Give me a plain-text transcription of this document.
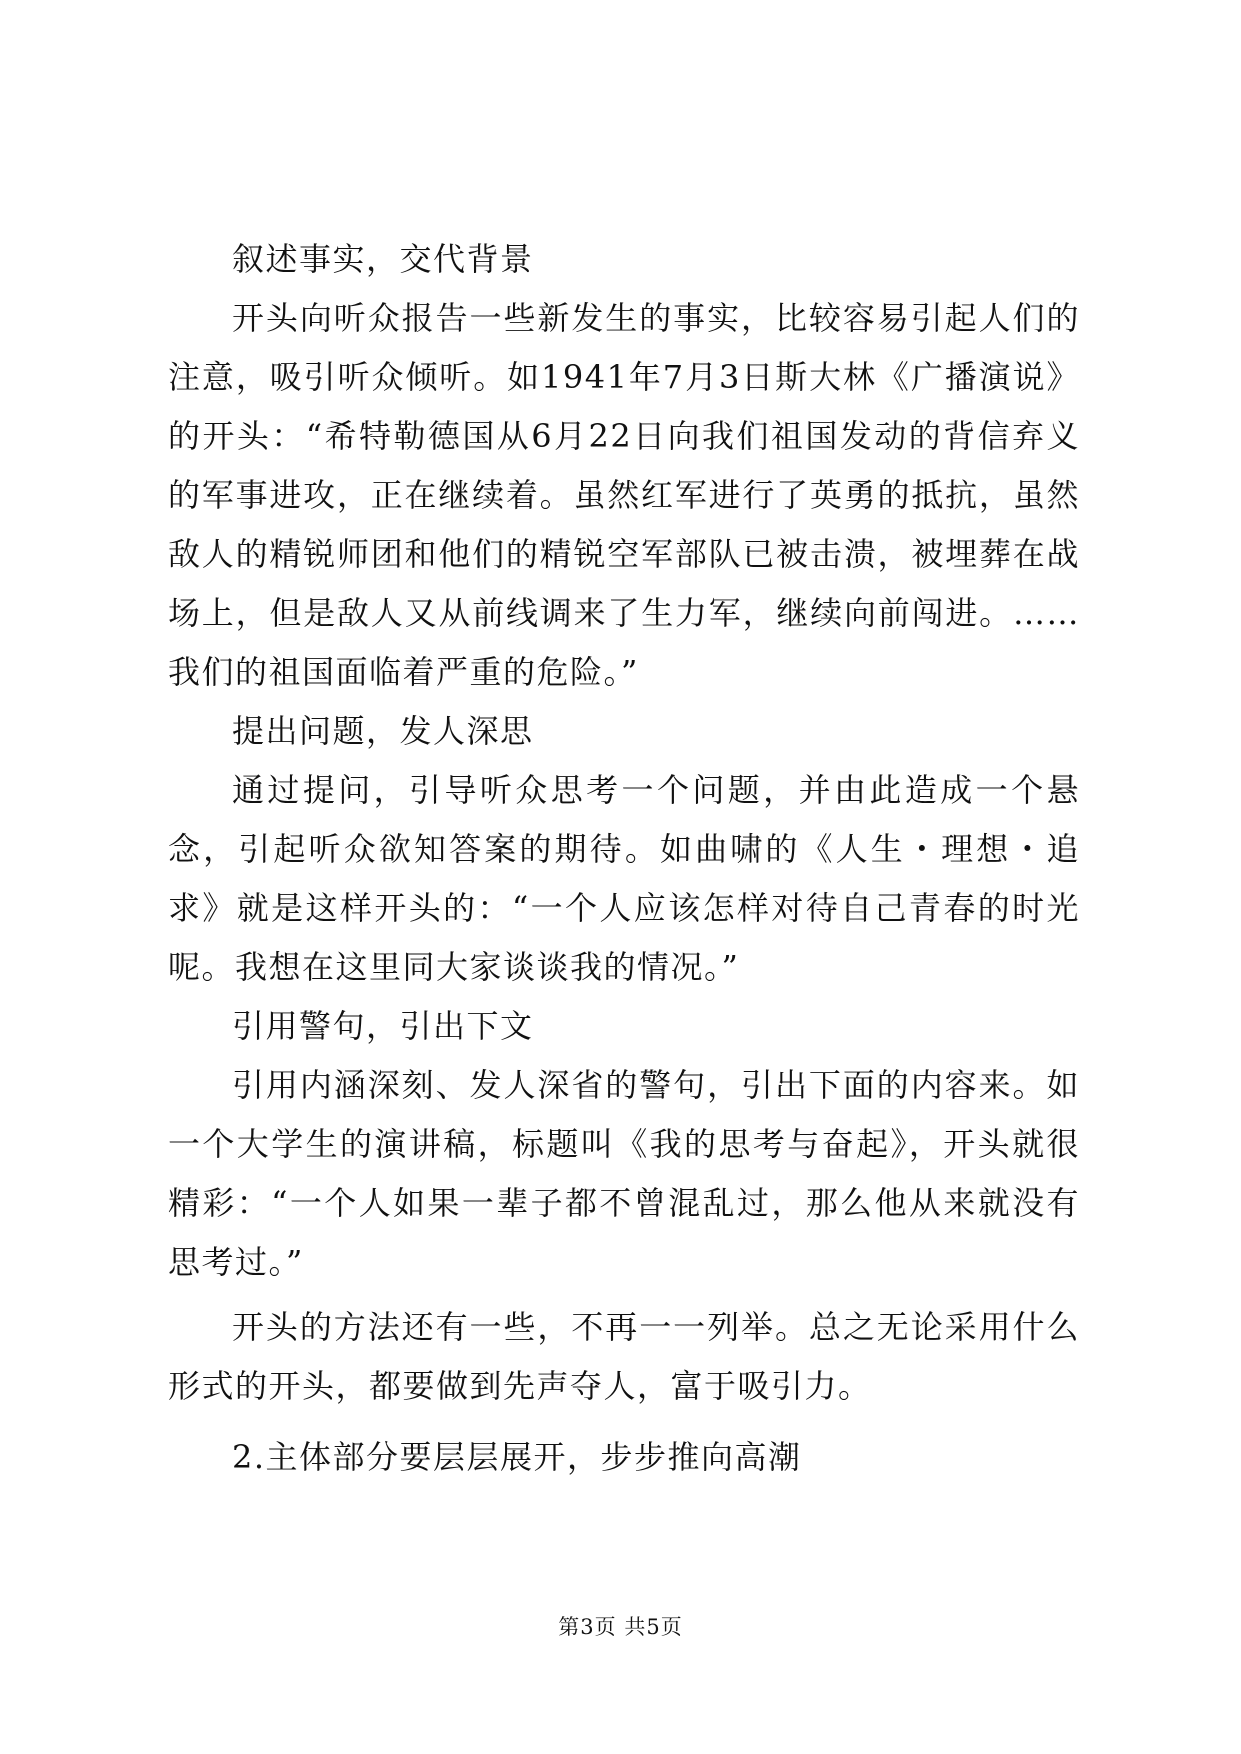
叙述事实，交代背景

开头向听众报告一些新发生的事实，比较容易引起人们的注意，吸引听众倾听。如1941年7月3日斯大林《广播演说》的开头：“希特勒德国从6月22日向我们祖国发动的背信弃义的军事进攻，正在继续着。虽然红军进行了英勇的抵抗，虽然敌人的精锐师团和他们的精锐空军部队已被击溃，被埋葬在战场上，但是敌人又从前线调来了生力军，继续向前闯进。……我们的祖国面临着严重的危险。”

提出问题，发人深思

通过提问，引导听众思考一个问题，并由此造成一个悬念，引起听众欲知答案的期待。如曲啸的《人生・理想・追求》就是这样开头的：“一个人应该怎样对待自己青春的时光呢。我想在这里同大家谈谈我的情况。”

引用警句，引出下文

引用内涵深刻、发人深省的警句，引出下面的内容来。如一个大学生的演讲稿，标题叫《我的思考与奋起》，开头就很精彩：“一个人如果一辈子都不曾混乱过，那么他从来就没有思考过。”

开头的方法还有一些，不再一一列举。总之无论采用什么形式的开头，都要做到先声夺人，富于吸引力。

2.主体部分要层层展开，步步推向高潮

第3页 共5页
